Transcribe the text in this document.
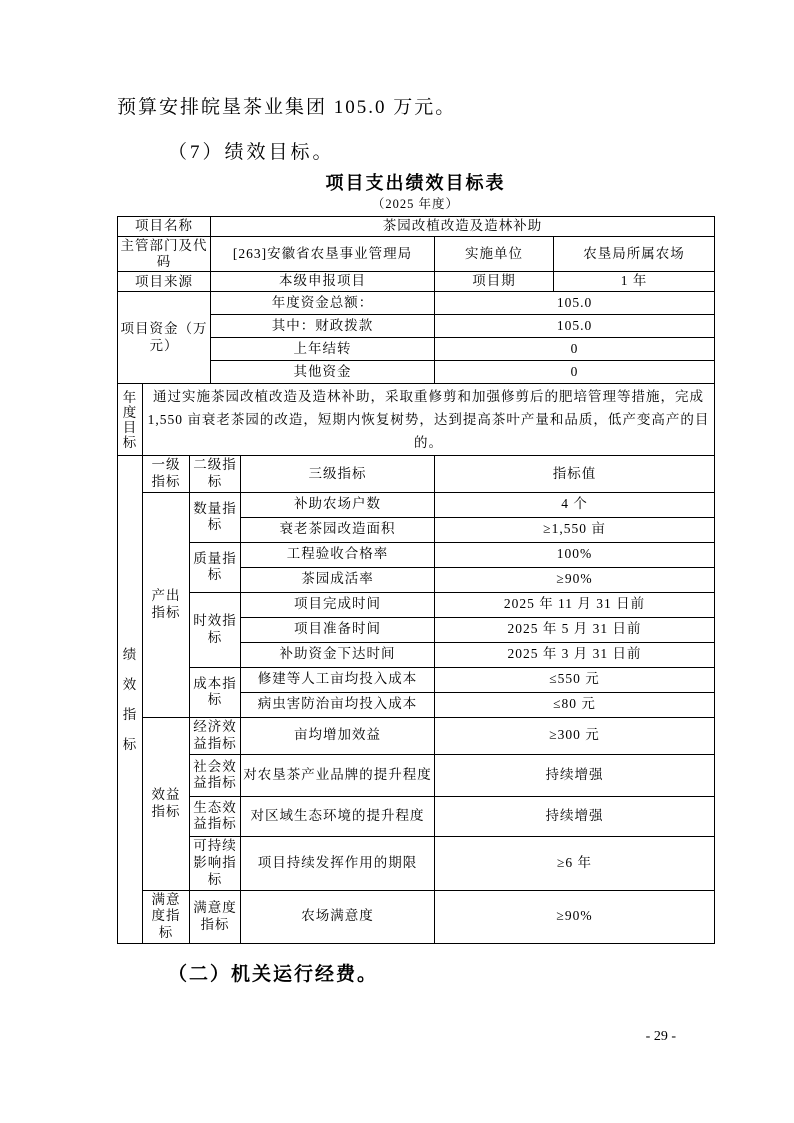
预算安排皖垦茶业集团 105.0 万元。
（7）绩效目标。
项目支出绩效目标表
（2025 年度）
项目名称			茶园改植改造及造林补助			
主管部门及代码			[263]安徽省农垦事业管理局		实施单位	农垦局所属农场
项目来源			本级申报项目		项目期	1 年
项目资金（万元）			年度资金总额：		105.0	
			其中：财政拨款		105.0	
			上年结转		0	
			其他资金		0	
年度目标	通过实施茶园改植改造及造林补助，采取重修剪和加强修剪后的肥培管理等措施，完成1,550 亩衰老茶园的改造，短期内恢复树势，达到提高茶叶产量和品质，低产变高产的目的。					
绩效指标	一级指标	二级指标		三级指标	指标值	
	产出指标	数量指标		补助农场户数	4 个	
				衰老茶园改造面积	≥1,550 亩	
		质量指标		工程验收合格率	100%	
				茶园成活率	≥90%	
		时效指标		项目完成时间	2025 年 11 月 31 日前	
				项目准备时间	2025 年 5 月 31 日前	
				补助资金下达时间	2025 年 3 月 31 日前	
		成本指标		修建等人工亩均投入成本	≤550 元	
				病虫害防治亩均投入成本	≤80 元	
	效益指标	经济效益指标		亩均增加效益	≥300 元	
		社会效益指标		对农垦茶产业品牌的提升程度	持续增强	
		生态效益指标		对区域生态环境的提升程度	持续增强	
		可持续影响指标		项目持续发挥作用的期限	≥6 年	
	满意度指标	满意度指标		农场满意度	≥90%	
（二）机关运行经费。
- 29 -
